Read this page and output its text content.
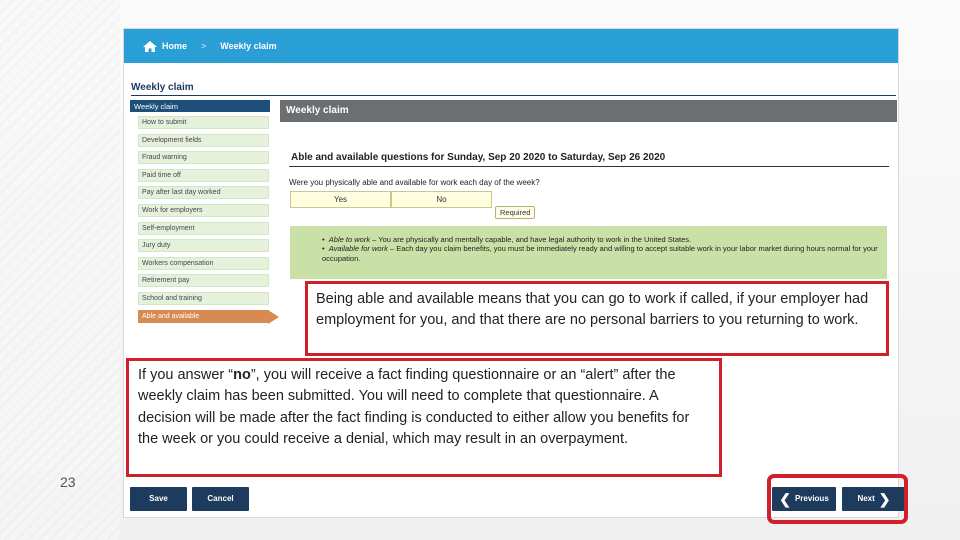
Home > Weekly claim
Weekly claim
Weekly claim
How to submit
Development fields
Fraud warning
Paid time off
Pay after last day worked
Work for employers
Self-employment
Jury duty
Workers compensation
Retirement pay
School and training
Able and available
Weekly claim
Able and available questions for Sunday, Sep 20 2020 to Saturday, Sep 26 2020
Were you physically able and available for work each day of the week?
Yes	No
Required

•  Able to work – You are physically and mentally capable, and have legal authority to work in the United States.

•  Available for work – Each day you claim benefits, you must be immediately ready and willing to accept suitable work in your labor market during hours normal for your occupation.

Save	Cancel	❮ Previous	Next ❯
Being able and available means that you can go to work if called, if your employer had employment for you, and that there are no personal barriers to you returning to work.
If you answer “no”, you will receive a fact finding questionnaire or an “alert” after the weekly claim has been submitted. You will need to complete that questionnaire. A decision will be made after the fact finding is conducted to either allow you benefits for the week or you could receive a denial, which may result in an overpayment.
23
